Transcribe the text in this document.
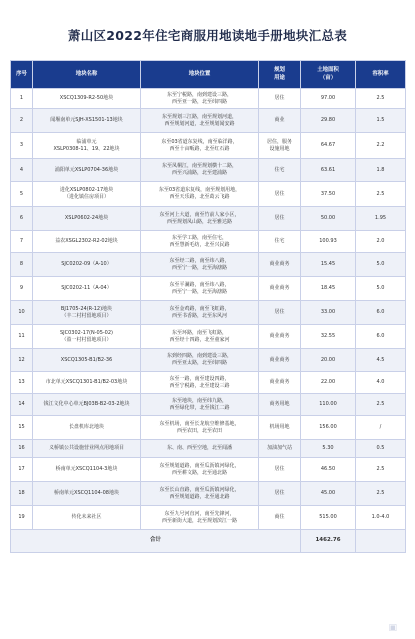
萧山区2022年住宅商服用地读地手册地块汇总表
序号	地块名称	地块位置	规划
用途	土地面积
（亩）	容积率
1	XSCQ1309-R2-50地块	东至宁税路，南到建设三路，
西至亚一路，北至纬四路	居住	97.00	2.5
2	闻堰南单元SJH-XS1501-13地块	东至规划三江路，南至规划河道，
西至规划河道，北至规划闻安路	商业	29.80	1.5
3	临浦单元
XSLP0308-11、19、22地块	东至03省道东复线，南至临洋路，
西至十亩畈路，北至红石路	居住，服务
设施用地	64.67	2.2
4	浦阳单元XSLP0704-36地块	东至凤桐江，南至规划横十二路，
西至兴浦路，北至建浦路	住宅	63.61	1.8
5	进化XSLP0802-17地块
（进化镇住房项目）	东至03省道东复线，南至规划用地，
西至天乐路，北至葛云飞路	居住	37.50	2.5
6	XSLP0602-24地块	东至河上大道，南至竹前人家小区，
西至规划凤山路，北至雅达路	居住	50.00	1.95
7	益农XSGL2302-R2-02地块	东至学工路，南至住宅，
西至慧新毛纺，北至兴民路	住宅	100.93	2.0
8	SJC0202-09（A-10）	东至经二路，南至纬八路，
西至宁一路，北至海溏路	商业商务	15.45	5.0
9	SJC0202-11（A-04）	东至平澜路，南至纬八路，
西至宁一路，北至海溏路	商业商务	18.45	5.0
10	BJ1705-24(R-12)地块
（丰二村村留地项目）	东至金鸡路，南至飞虹路，
西至书香路，北至东风河	居住	33.00	6.0
11	SJC0302-17(N-05-02)
（盈一村村留地项目）	东至环路，南至飞虹路，
西至经十四路，北至童家河	商业商务	32.55	6.0
12	XSCQ1305-B1/B2-36	东到经四路，南到建设三路，
西至亚太路，北至纬四路	商业商务	20.00	4.5
13	市北单元XSCQ1301-B1/B2-03地块	东至一路，南至建设四路，
西至宁税路，北至建设三路	商业商务	22.00	4.0
14	钱江文化中心单元BJ03B-B2-03-2地块	东至地块，南至纬九路，
西至绿化带，北至钱江二路	商务用地	110.00	2.5
15	长盘机库北地块	东至机场，南至长龙航空维修基地，
西至农田，北至农田	机场用地	156.00	/
16	义桥镇公共设施营业网点用地项目	东、南、西至空地，北至闻潘	加油加气站	5.30	0.5
17	桥南单元XSCQ1104-3地块	东至规划道路，南至瓜沥镇河绿化，
西至耕文路，北至通北路	居住	46.50	2.5
18	桥南单元XSCQ1104-08地块	东至长山直路，南至瓜沥镇河绿化，
西至规划道路，北至通北路	居住	45.00	2.5
19	传化未来社区	东至九号河直河，南至先锋河，
西至新街大道，北至规划滨江一路	商住	515.00	1.0-4.0
合计				1462.76	
▣
